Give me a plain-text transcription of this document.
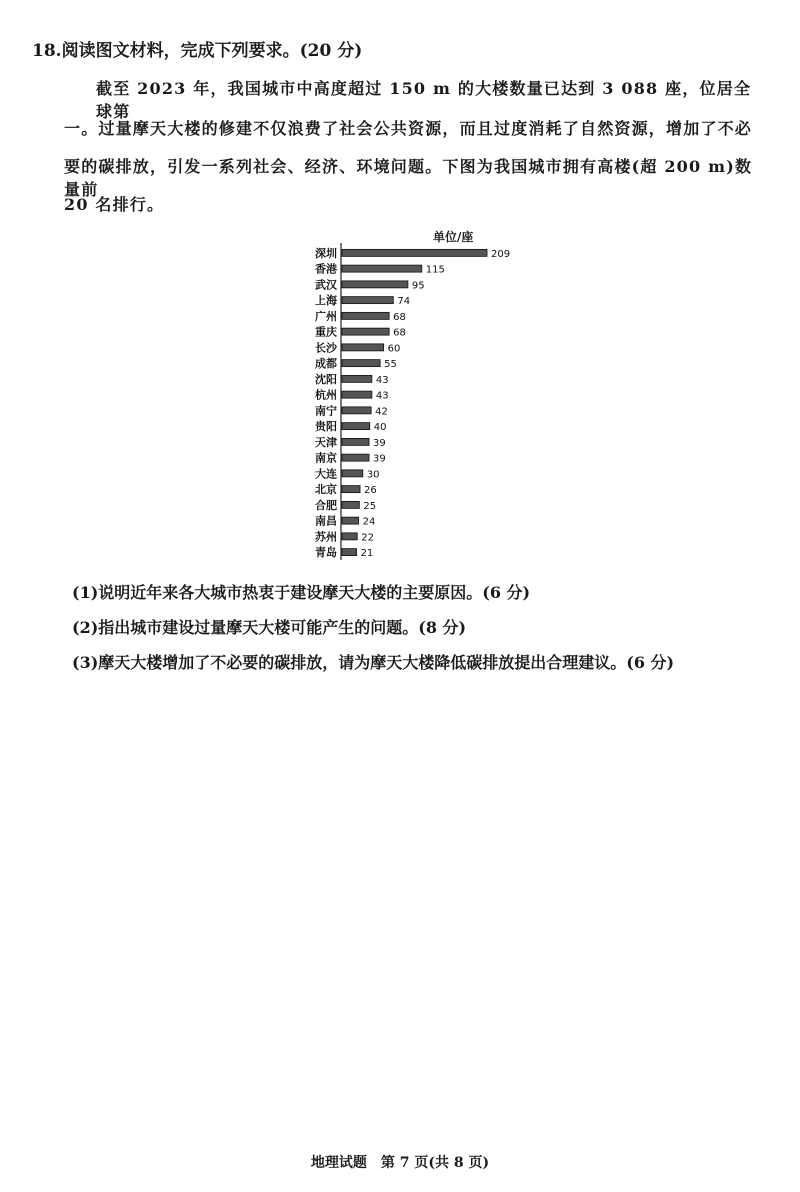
18.阅读图文材料，完成下列要求。(20 分)
截至 2023 年，我国城市中高度超过 150 m 的大楼数量已达到 3 088 座，位居全球第
一。过量摩天大楼的修建不仅浪费了社会公共资源，而且过度消耗了自然资源，增加了不必
要的碳排放，引发一系列社会、经济、环境问题。下图为我国城市拥有高楼(超 200 m)数量前
20 名排行。
单位/座
深圳	209
香港	115
武汉	95
上海	74
广州	68
重庆	68
长沙	60
成都	55
沈阳	43
杭州	43
南宁	42
贵阳	40
天津	39
南京	39
大连	30
北京	26
合肥	25
南昌	24
苏州 22
青岛 21
(1)说明近年来各大城市热衷于建设摩天大楼的主要原因。(6 分)
(2)指出城市建设过量摩天大楼可能产生的问题。(8 分)
(3)摩天大楼增加了不必要的碳排放，请为摩天大楼降低碳排放提出合理建议。(6 分)
地理试题　第 7 页(共 8 页)
